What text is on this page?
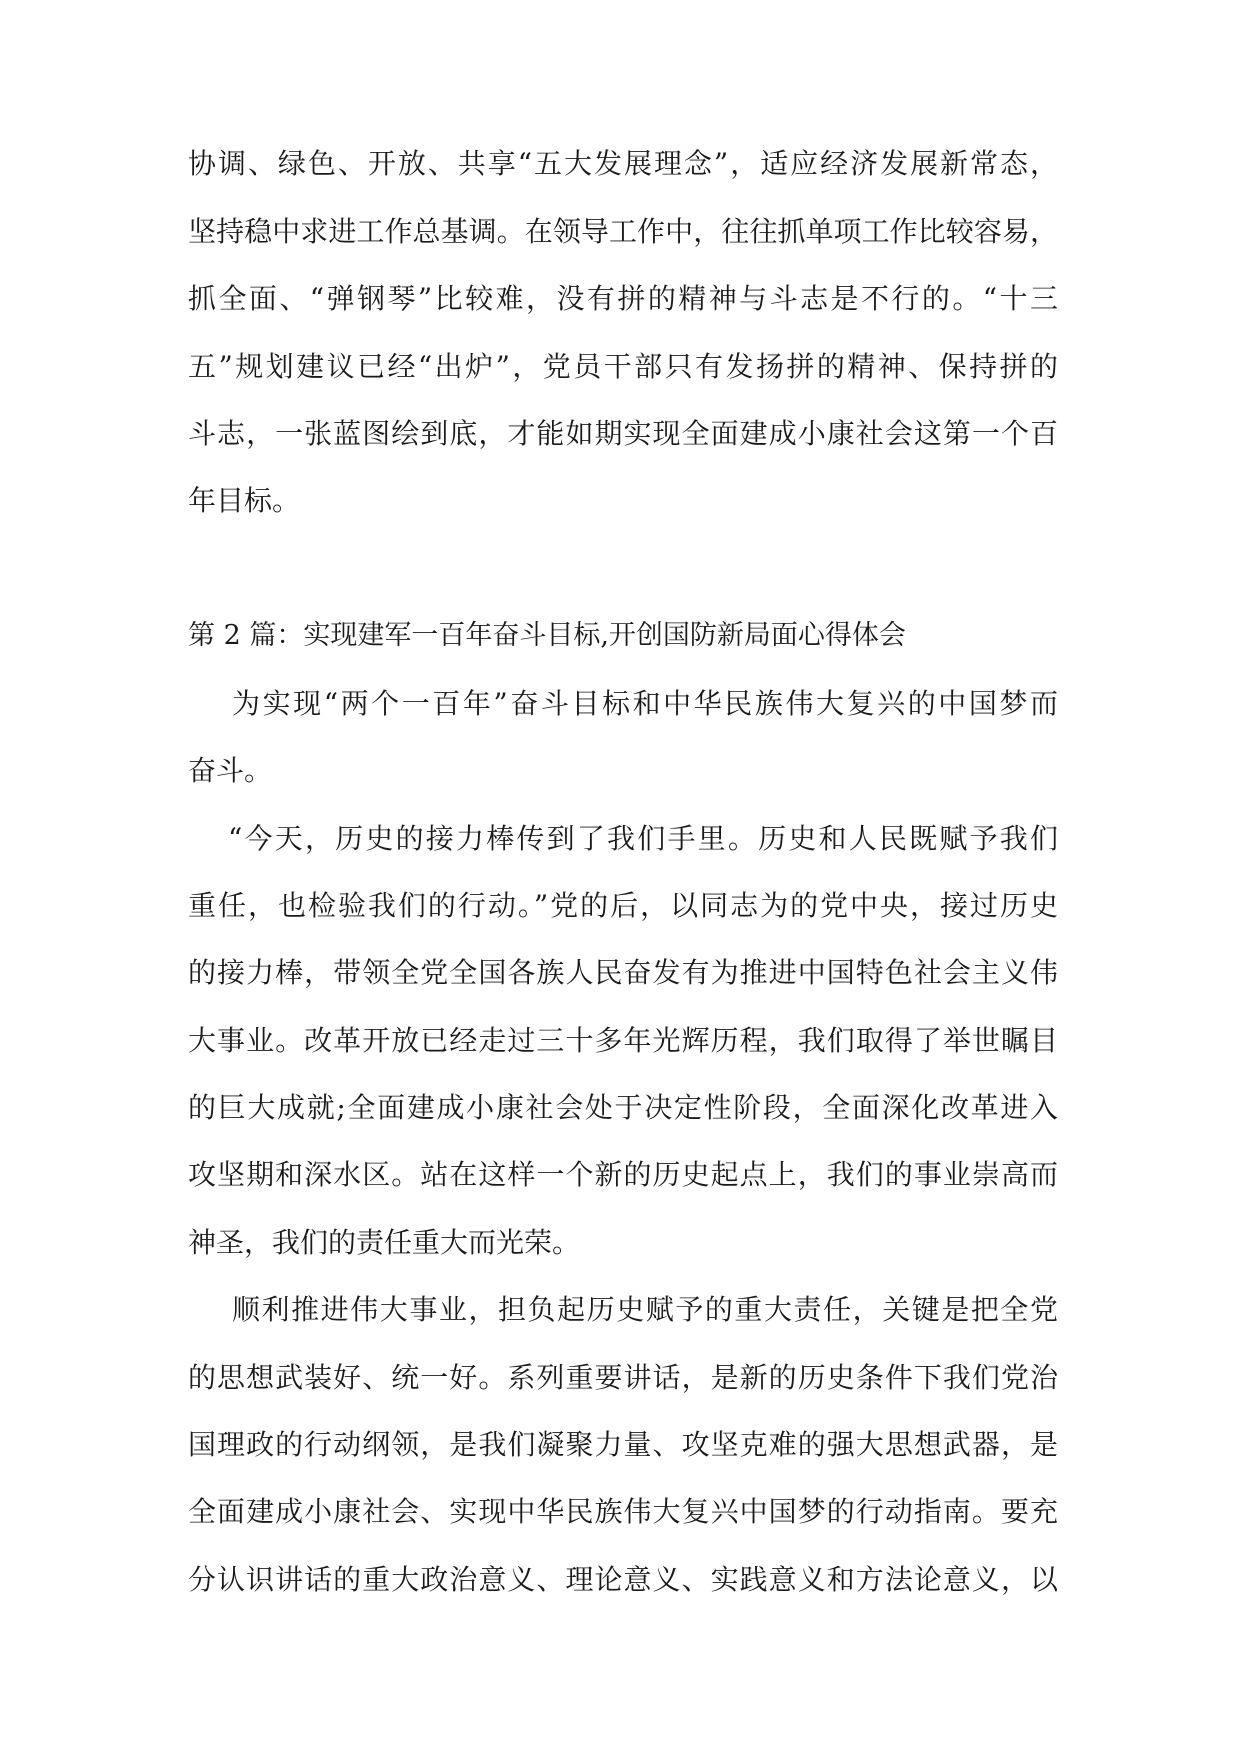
协调、绿色、开放、共享“五大发展理念”，适应经济发展新常态，
坚持稳中求进工作总基调。在领导工作中，往往抓单项工作比较容易，
抓全面、“弹钢琴”比较难，没有拼的精神与斗志是不行的。“十三
五”规划建议已经“出炉”，党员干部只有发扬拼的精神、保持拼的
斗志，一张蓝图绘到底，才能如期实现全面建成小康社会这第一个百
年目标。
第 2 篇：实现建军一百年奋斗目标,开创国防新局面心得体会
为实现“两个一百年”奋斗目标和中华民族伟大复兴的中国梦而
奋斗。
“今天，历史的接力棒传到了我们手里。历史和人民既赋予我们
重任，也检验我们的行动。”党的后，以同志为的党中央，接过历史
的接力棒，带领全党全国各族人民奋发有为推进中国特色社会主义伟
大事业。改革开放已经走过三十多年光辉历程，我们取得了举世瞩目
的巨大成就;全面建成小康社会处于决定性阶段，全面深化改革进入
攻坚期和深水区。站在这样一个新的历史起点上，我们的事业崇高而
神圣，我们的责任重大而光荣。
顺利推进伟大事业，担负起历史赋予的重大责任，关键是把全党
的思想武装好、统一好。系列重要讲话，是新的历史条件下我们党治
国理政的行动纲领，是我们凝聚力量、攻坚克难的强大思想武器，是
全面建成小康社会、实现中华民族伟大复兴中国梦的行动指南。要充
分认识讲话的重大政治意义、理论意义、实践意义和方法论意义，以
